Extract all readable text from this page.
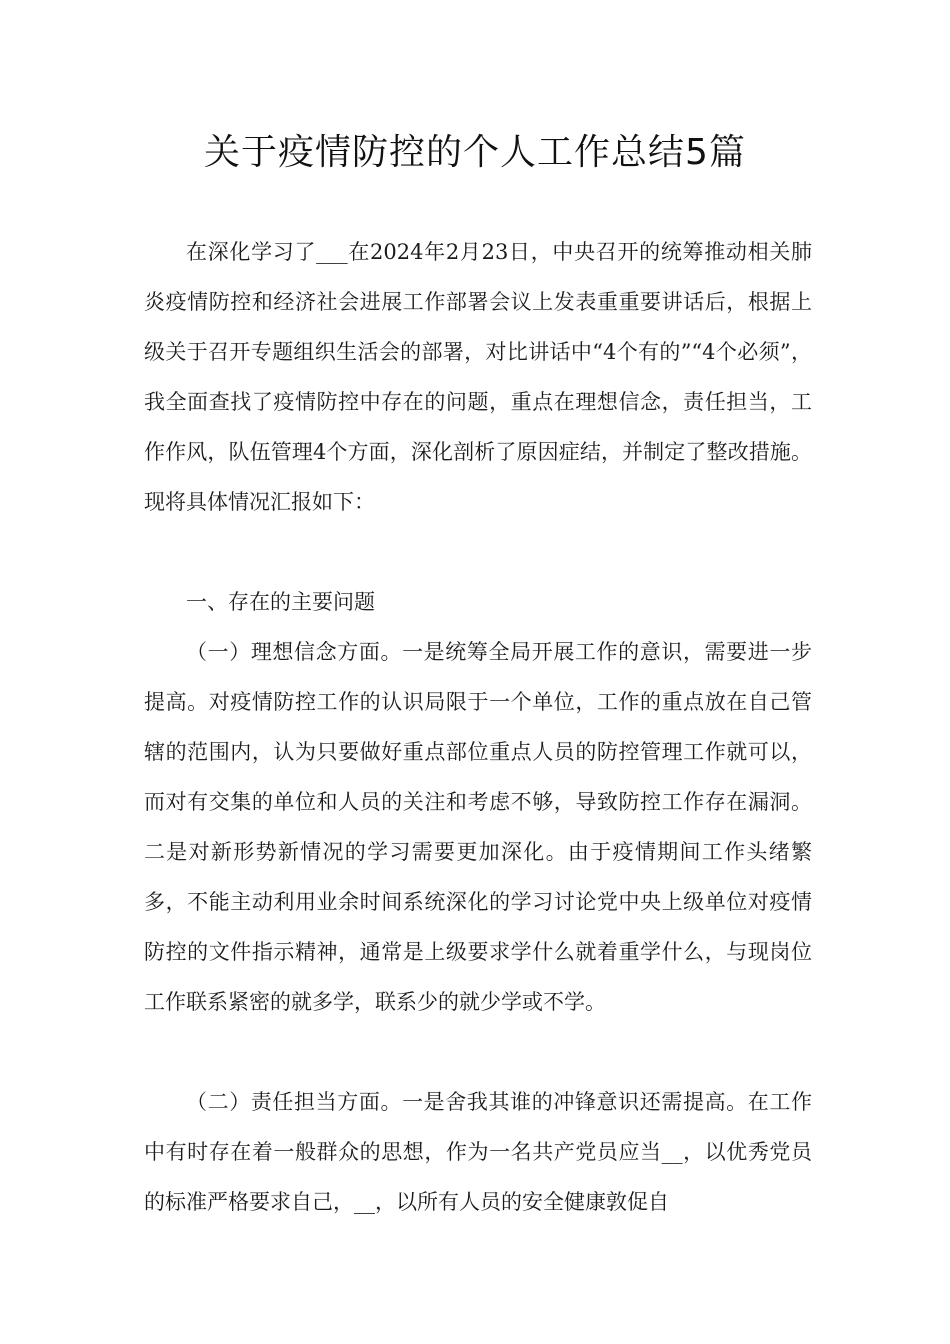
关于疫情防控的个人工作总结5篇

在深化学习了___在2024年2月23日，中央召开的统筹推动相关肺炎疫情防控和经济社会进展工作部署会议上发表重重要讲话后，根据上级关于召开专题组织生活会的部署，对比讲话中“4个有的”“4个必须”，我全面查找了疫情防控中存在的问题，重点在理想信念，责任担当，工作作风，队伍管理4个方面，深化剖析了原因症结，并制定了整改措施。现将具体情况汇报如下：

一、存在的主要问题

（一）理想信念方面。一是统筹全局开展工作的意识，需要进一步提高。对疫情防控工作的认识局限于一个单位，工作的重点放在自己管辖的范围内，认为只要做好重点部位重点人员的防控管理工作就可以，而对有交集的单位和人员的关注和考虑不够，导致防控工作存在漏洞。二是对新形势新情况的学习需要更加深化。由于疫情期间工作头绪繁多，不能主动利用业余时间系统深化的学习讨论党中央上级单位对疫情防控的文件指示精神，通常是上级要求学什么就着重学什么，与现岗位工作联系紧密的就多学，联系少的就少学或不学。

（二）责任担当方面。一是舍我其谁的冲锋意识还需提高。在工作中有时存在着一般群众的思想，作为一名共产党员应当__，以优秀党员的标准严格要求自己，__，以所有人员的安全健康敦促自
